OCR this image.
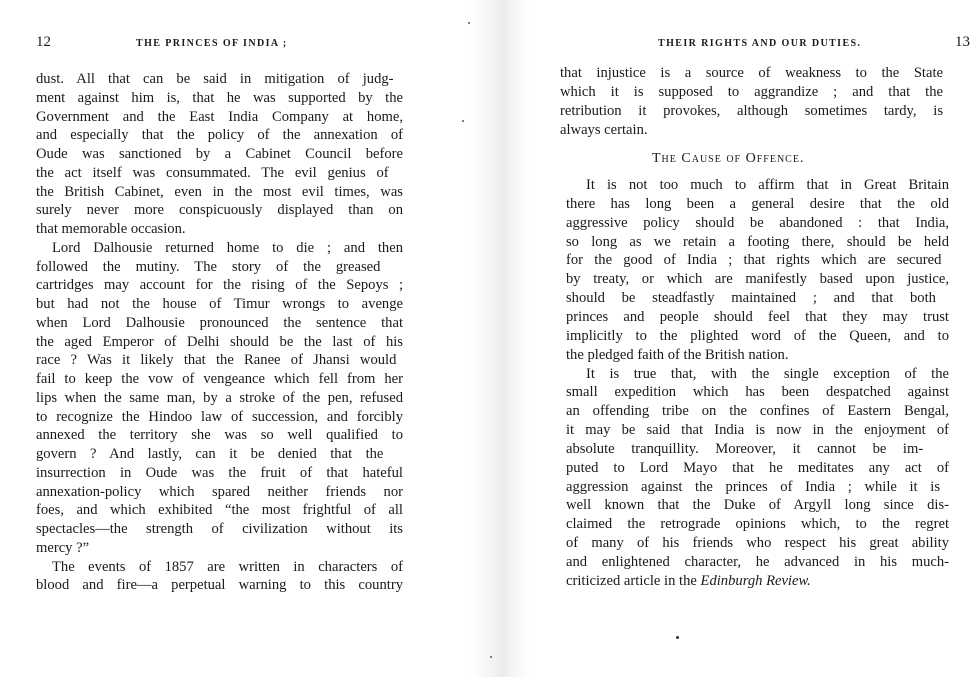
12	THE PRINCES OF INDIA ;
dust. All that can be said in mitigation of judg-
ment against him is, that he was supported by the
Government and the East India Company at home,
and especially that the policy of the annexation of
Oude was sanctioned by a Cabinet Council before
the act itself was consummated. The evil genius of
the British Cabinet, even in the most evil times, was
surely never more conspicuously displayed than on
that memorable occasion.
Lord Dalhousie returned home to die ; and then
followed the mutiny. The story of the greased
cartridges may account for the rising of the Sepoys ;
but had not the house of Timur wrongs to avenge
when Lord Dalhousie pronounced the sentence that
the aged Emperor of Delhi should be the last of his
race ? Was it likely that the Ranee of Jhansi would
fail to keep the vow of vengeance which fell from her
lips when the same man, by a stroke of the pen, refused
to recognize the Hindoo law of succession, and forcibly
annexed the territory she was so well qualified to
govern ? And lastly, can it be denied that the
insurrection in Oude was the fruit of that hateful
annexation-policy which spared neither friends nor
foes, and which exhibited “the most frightful of all
spectacles—the strength of civilization without its
mercy ?”
The events of 1857 are written in characters of
blood and fire—a perpetual warning to this country
THEIR RIGHTS AND OUR DUTIES.	13
that injustice is a source of weakness to the State
which it is supposed to aggrandize ; and that the
retribution it provokes, although sometimes tardy, is
always certain.
The Cause of Offence.
It is not too much to affirm that in Great Britain
there has long been a general desire that the old
aggressive policy should be abandoned : that India,
so long as we retain a footing there, should be held
for the good of India ; that rights which are secured
by treaty, or which are manifestly based upon justice,
should be steadfastly maintained ; and that both
princes and people should feel that they may trust
implicitly to the plighted word of the Queen, and to
the pledged faith of the British nation.
It is true that, with the single exception of the
small expedition which has been despatched against
an offending tribe on the confines of Eastern Bengal,
it may be said that India is now in the enjoyment of
absolute tranquillity. Moreover, it cannot be im-
puted to Lord Mayo that he meditates any act of
aggression against the princes of India ; while it is
well known that the Duke of Argyll long since dis-
claimed the retrograde opinions which, to the regret
of many of his friends who respect his great ability
and enlightened character, he advanced in his much-
criticized article in the Edinburgh Review.
